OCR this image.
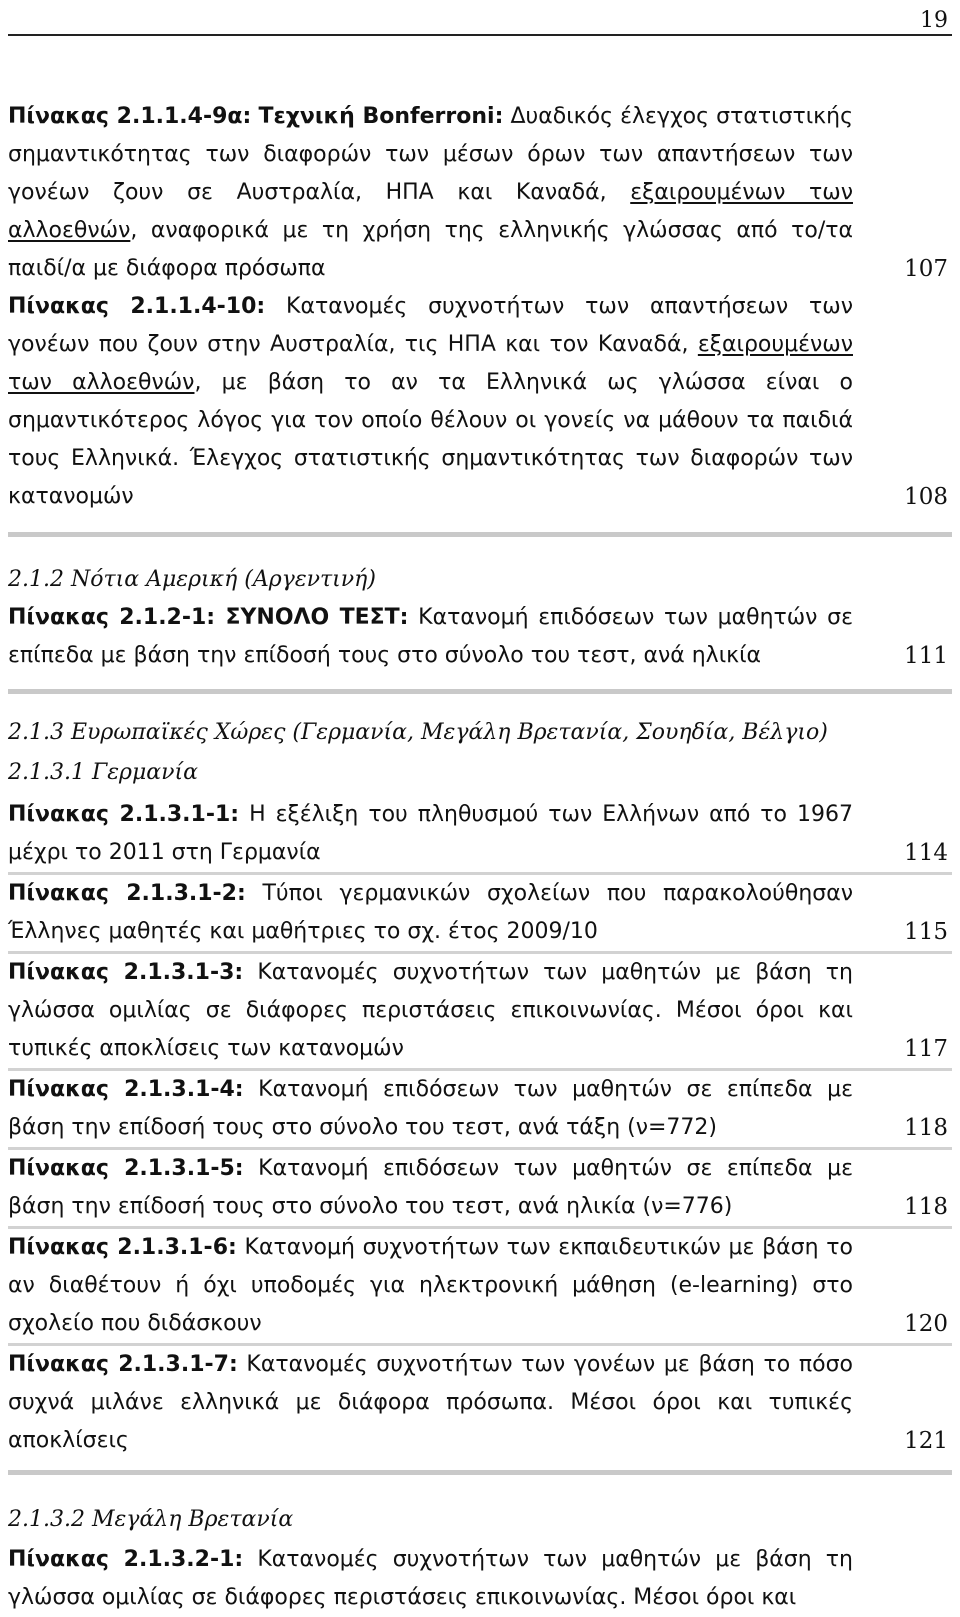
19
Πίνακας 2.1.1.4-9α: Τεχνική Bonferroni: Δυαδικός έλεγχος στατιστικής σημαντικότητας των διαφορών των μέσων όρων των απαντήσεων των γονέων ζουν σε Αυστραλία, ΗΠΑ και Καναδά, εξαιρουμένων των αλλοεθνών, αναφορικά με τη χρήση της ελληνικής γλώσσας από το/τα παιδί/α με διάφορα πρόσωπα	107
Πίνακας 2.1.1.4-10: Κατανομές συχνοτήτων των απαντήσεων των γονέων που ζουν στην Αυστραλία, τις ΗΠΑ και τον Καναδά, εξαιρουμένων των αλλοεθνών, με βάση το αν τα Ελληνικά ως γλώσσα είναι ο σημαντικότερος λόγος για τον οποίο θέλουν οι γονείς να μάθουν τα παιδιά τους Ελληνικά. Έλεγχος στατιστικής σημαντικότητας των διαφορών των κατανομών	108
2.1.2 Νότια Αμερική (Αργεντινή)
Πίνακας 2.1.2-1: ΣΥΝΟΛΟ ΤΕΣΤ: Κατανομή επιδόσεων των μαθητών σε επίπεδα με βάση την επίδοσή τους στο σύνολο του τεστ, ανά ηλικία	111
2.1.3 Ευρωπαϊκές Χώρες (Γερμανία, Μεγάλη Βρετανία, Σουηδία, Βέλγιο)
2.1.3.1 Γερμανία
Πίνακας 2.1.3.1-1: Η εξέλιξη του πληθυσμού των Ελλήνων από το 1967 μέχρι το 2011 στη Γερμανία	114
Πίνακας 2.1.3.1-2: Τύποι γερμανικών σχολείων που παρακολούθησαν Έλληνες μαθητές και μαθήτριες το σχ. έτος 2009/10	115
Πίνακας 2.1.3.1-3: Κατανομές συχνοτήτων των μαθητών με βάση τη γλώσσα ομιλίας σε διάφορες περιστάσεις επικοινωνίας. Μέσοι όροι και τυπικές αποκλίσεις των κατανομών	117
Πίνακας 2.1.3.1-4: Κατανομή επιδόσεων των μαθητών σε επίπεδα με βάση την επίδοσή τους στο σύνολο του τεστ, ανά τάξη (ν=772)	118
Πίνακας 2.1.3.1-5: Κατανομή επιδόσεων των μαθητών σε επίπεδα με βάση την επίδοσή τους στο σύνολο του τεστ, ανά ηλικία (ν=776)	118
Πίνακας 2.1.3.1-6: Κατανομή συχνοτήτων των εκπαιδευτικών με βάση το αν διαθέτουν ή όχι υποδομές για ηλεκτρονική μάθηση (e-learning) στο σχολείο που διδάσκουν	120
Πίνακας 2.1.3.1-7: Κατανομές συχνοτήτων των γονέων με βάση το πόσο συχνά μιλάνε ελληνικά με διάφορα πρόσωπα. Μέσοι όροι και τυπικές αποκλίσεις	121
2.1.3.2 Μεγάλη Βρετανία
Πίνακας 2.1.3.2-1: Κατανομές συχνοτήτων των μαθητών με βάση τη γλώσσα ομιλίας σε διάφορες περιστάσεις επικοινωνίας. Μέσοι όροι και
